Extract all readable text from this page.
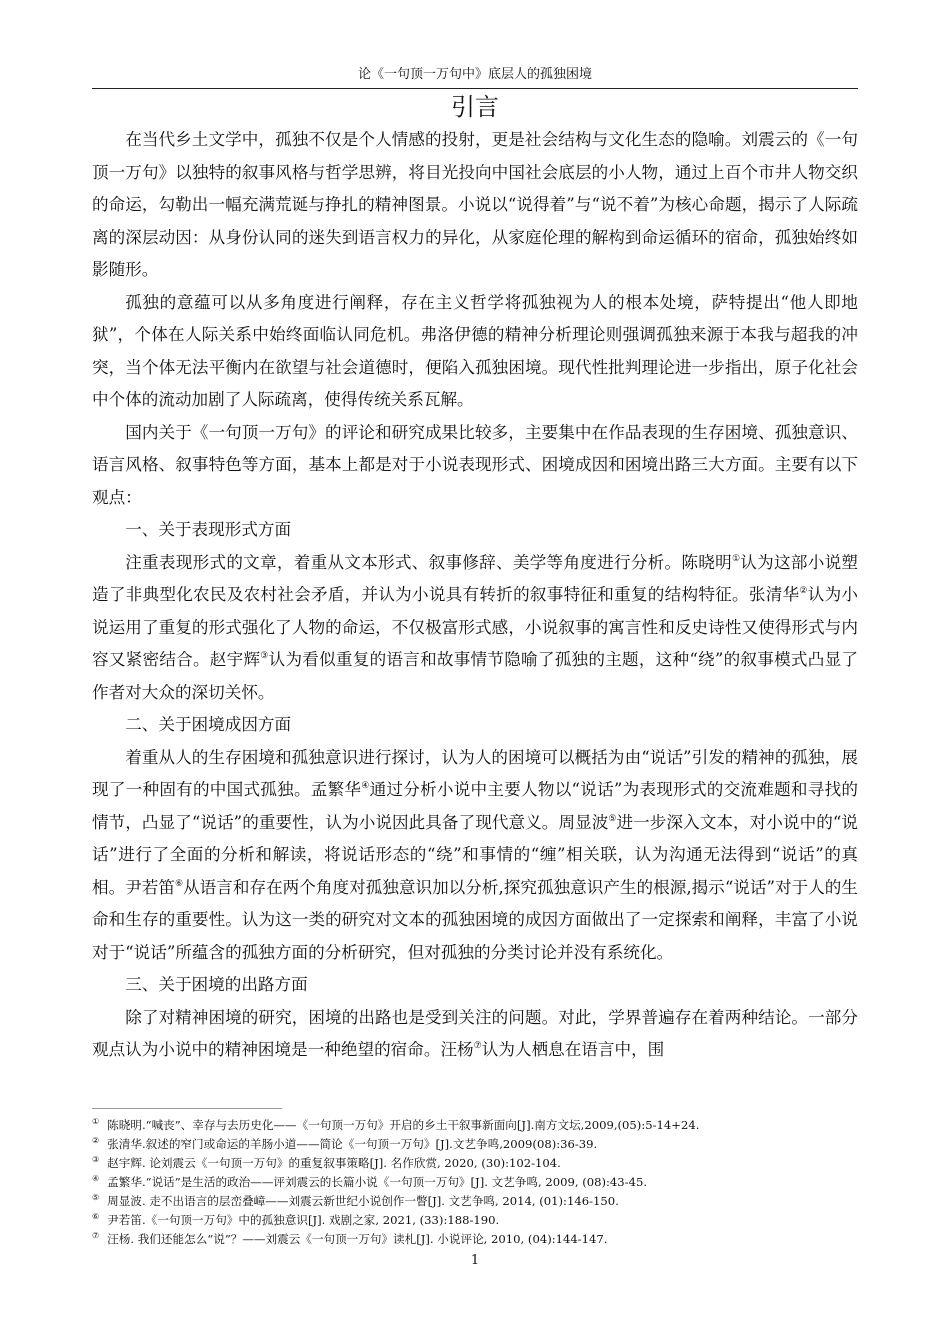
论《一句顶一万句中》底层人的孤独困境
引言

在当代乡土文学中，孤独不仅是个人情感的投射，更是社会结构与文化生态的隐喻。刘震云的《一句顶一万句》以独特的叙事风格与哲学思辨，将目光投向中国社会底层的小人物，通过上百个市井人物交织的命运，勾勒出一幅充满荒诞与挣扎的精神图景。小说以“说得着”与“说不着”为核心命题，揭示了人际疏离的深层动因：从身份认同的迷失到语言权力的异化，从家庭伦理的解构到命运循环的宿命，孤独始终如影随形。

孤独的意蕴可以从多角度进行阐释，存在主义哲学将孤独视为人的根本处境，萨特提出“他人即地狱”，个体在人际关系中始终面临认同危机。弗洛伊德的精神分析理论则强调孤独来源于本我与超我的冲突，当个体无法平衡内在欲望与社会道德时，便陷入孤独困境。现代性批判理论进一步指出，原子化社会中个体的流动加剧了人际疏离，使得传统关系瓦解。

国内关于《一句顶一万句》的评论和研究成果比较多，主要集中在作品表现的生存困境、孤独意识、语言风格、叙事特色等方面，基本上都是对于小说表现形式、困境成因和困境出路三大方面。主要有以下观点：

一、关于表现形式方面

注重表现形式的文章，着重从文本形式、叙事修辞、美学等角度进行分析。陈晓明①认为这部小说塑造了非典型化农民及农村社会矛盾，并认为小说具有转折的叙事特征和重复的结构特征。张清华②认为小说运用了重复的形式强化了人物的命运，不仅极富形式感，小说叙事的寓言性和反史诗性又使得形式与内容又紧密结合。赵宇辉③认为看似重复的语言和故事情节隐喻了孤独的主题，这种“绕”的叙事模式凸显了作者对大众的深切关怀。

二、关于困境成因方面

着重从人的生存困境和孤独意识进行探讨，认为人的困境可以概括为由“说话”引发的精神的孤独，展现了一种固有的中国式孤独。孟繁华④通过分析小说中主要人物以“说话”为表现形式的交流难题和寻找的情节，凸显了“说话”的重要性，认为小说因此具备了现代意义。周显波⑤进一步深入文本，对小说中的“说话”进行了全面的分析和解读，将说话形态的“绕”和事情的“缠”相关联，认为沟通无法得到“说话”的真相。尹若笛⑥从语言和存在两个角度对孤独意识加以分析,探究孤独意识产生的根源,揭示“说话”对于人的生命和生存的重要性。认为这一类的研究对文本的孤独困境的成因方面做出了一定探索和阐释，丰富了小说对于“说话”所蕴含的孤独方面的分析研究，但对孤独的分类讨论并没有系统化。

三、关于困境的出路方面

除了对精神困境的研究，困境的出路也是受到关注的问题。对此，学界普遍存在着两种结论。一部分观点认为小说中的精神困境是一种绝望的宿命。汪杨⑦认为人栖息在语言中，围

① 陈晓明.“喊丧”、幸存与去历史化——《一句顶一万句》开启的乡土干叙事新面向[J].南方文坛,2009,(05):5-14+24.

② 张清华.叙述的窄门或命运的羊肠小道——简论《一句顶一万句》[J].文艺争鸣,2009(08):36-39.

③ 赵宇辉. 论刘震云《一句顶一万句》的重复叙事策略[J]. 名作欣赏, 2020, (30):102-104.

④ 孟繁华.“说话”是生活的政治——评刘震云的长篇小说《一句顶一万句》[J]. 文艺争鸣, 2009, (08):43-45.

⑤ 周显波. 走不出语言的层峦叠嶂——刘震云新世纪小说创作一瞥[J]. 文艺争鸣, 2014, (01):146-150.

⑥ 尹若笛.《一句顶一万句》中的孤独意识[J]. 戏剧之家, 2021, (33):188-190.

⑦ 汪杨. 我们还能怎么“说”？——刘震云《一句顶一万句》读札[J]. 小说评论, 2010, (04):144-147.

1
